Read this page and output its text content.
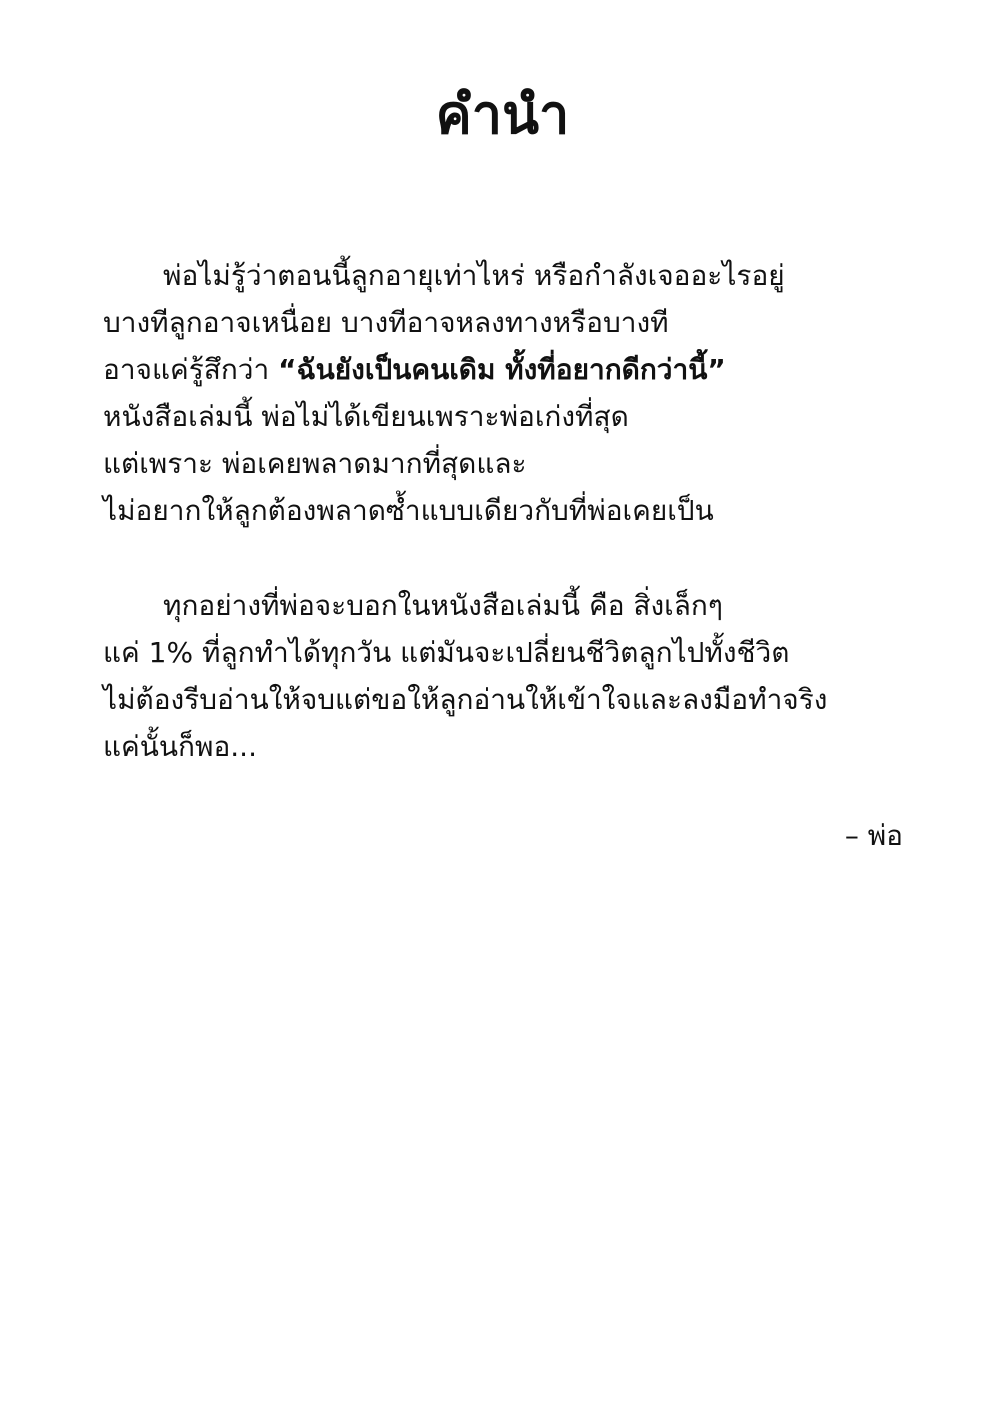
คำนำ
พ่อไม่รู้ว่าตอนนี้ลูกอายุเท่าไหร่ หรือกำลังเจออะไรอยู่
บางทีลูกอาจเหนื่อย บางทีอาจหลงทางหรือบางที
อาจแค่รู้สึกว่า “ฉันยังเป็นคนเดิม ทั้งที่อยากดีกว่านี้”
หนังสือเล่มนี้ พ่อไม่ได้เขียนเพราะพ่อเก่งที่สุด
แต่เพราะ พ่อเคยพลาดมากที่สุดและ
ไม่อยากให้ลูกต้องพลาดซ้ำแบบเดียวกับที่พ่อเคยเป็น
ทุกอย่างที่พ่อจะบอกในหนังสือเล่มนี้ คือ สิ่งเล็กๆ
แค่ 1% ที่ลูกทำได้ทุกวัน แต่มันจะเปลี่ยนชีวิตลูกไปทั้งชีวิต
ไม่ต้องรีบอ่านให้จบแต่ขอให้ลูกอ่านให้เข้าใจและลงมือทำจริง
แค่นั้นก็พอ...
– พ่อ
